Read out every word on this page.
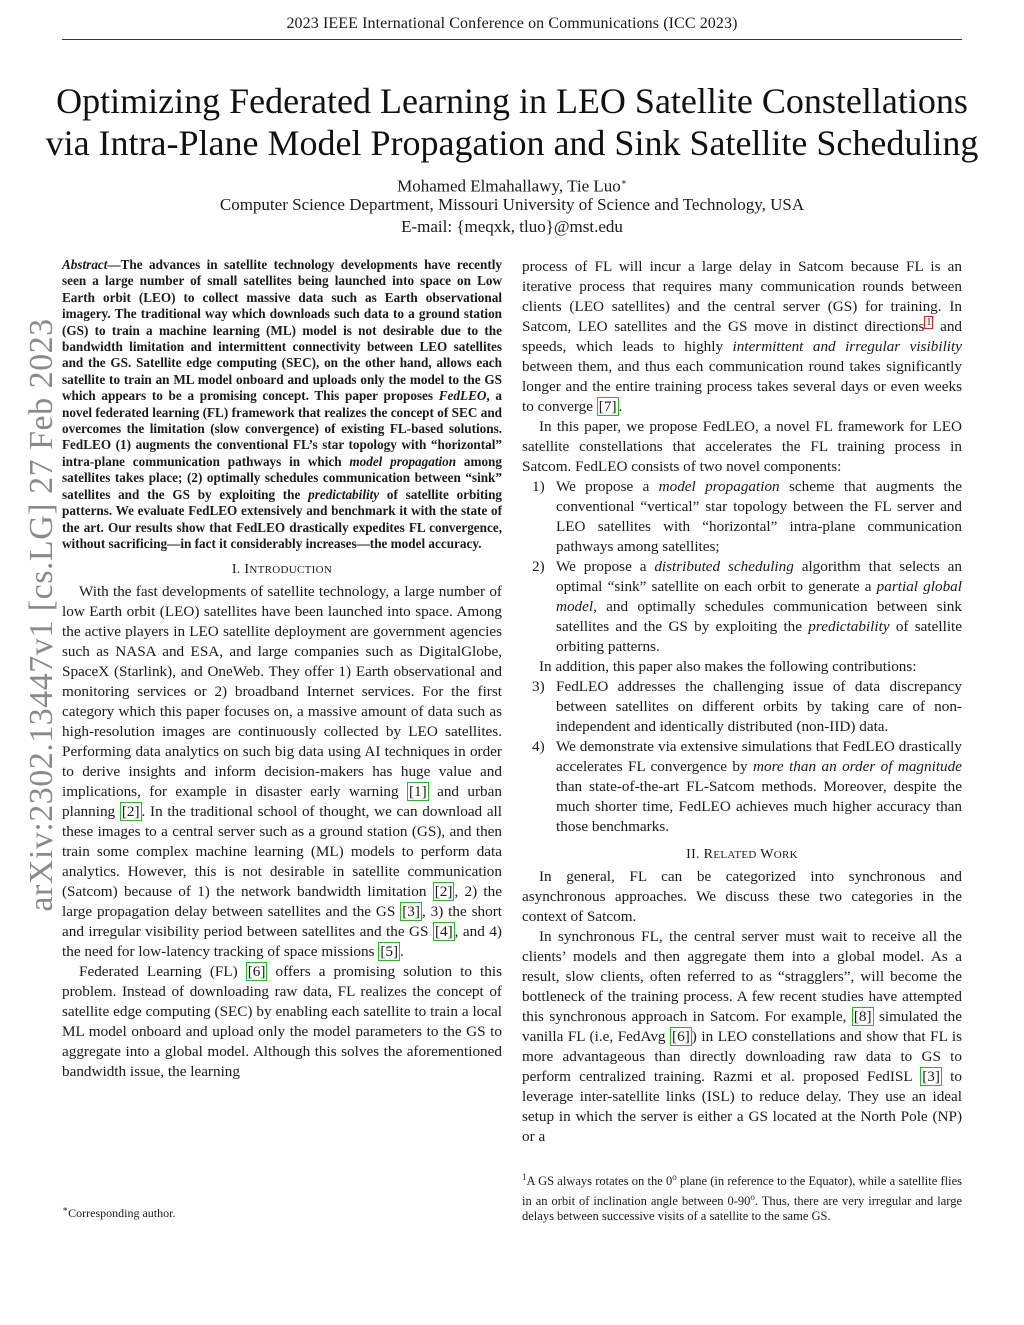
2023 IEEE International Conference on Communications (ICC 2023)
arXiv:2302.13447v1 [cs.LG] 27 Feb 2023
Optimizing Federated Learning in LEO Satellite Constellations
via Intra-Plane Model Propagation and Sink Satellite Scheduling
Mohamed Elmahallawy, Tie Luo∗
Computer Science Department, Missouri University of Science and Technology, USA
E-mail: {meqxk, tluo}@mst.edu

Abstract—The advances in satellite technology developments have recently seen a large number of small satellites being launched into space on Low Earth orbit (LEO) to collect massive data such as Earth observational imagery. The traditional way which downloads such data to a ground station (GS) to train a machine learning (ML) model is not desirable due to the bandwidth limitation and intermittent connectivity between LEO satellites and the GS. Satellite edge computing (SEC), on the other hand, allows each satellite to train an ML model onboard and uploads only the model to the GS which appears to be a promising concept. This paper proposes FedLEO, a novel federated learning (FL) framework that realizes the concept of SEC and overcomes the limitation (slow convergence) of existing FL-based solutions. FedLEO (1) augments the conventional FL’s star topology with “horizontal” intra-plane communication pathways in which model propagation among satellites takes place; (2) optimally schedules communication between “sink” satellites and the GS by exploiting the predictability of satellite orbiting patterns. We evaluate FedLEO extensively and benchmark it with the state of the art. Our results show that FedLEO drastically expedites FL convergence, without sacrificing—in fact it considerably increases—the model accuracy.

I. INTRODUCTION

With the fast developments of satellite technology, a large number of low Earth orbit (LEO) satellites have been launched into space. Among the active players in LEO satellite deployment are government agencies such as NASA and ESA, and large companies such as DigitalGlobe, SpaceX (Starlink), and OneWeb. They offer 1) Earth observational and monitoring services or 2) broadband Internet services. For the first category which this paper focuses on, a massive amount of data such as high-resolution images are continuously collected by LEO satellites. Performing data analytics on such big data using AI techniques in order to derive insights and inform decision-makers has huge value and implications, for example in disaster early warning [1] and urban planning [2] . In the traditional school of thought, we can download all these images to a central server such as a ground station (GS), and then train some complex machine learning (ML) models to perform data analytics. However, this is not desirable in satellite communication (Satcom) because of 1) the network bandwidth limitation [2] , 2) the large propagation delay between satellites and the GS [3] , 3) the short and irregular visibility period between satellites and the GS [4] , and 4) the need for low-latency tracking of space missions [5] .

Federated Learning (FL) [6] offers a promising solution to this problem. Instead of downloading raw data, FL realizes the concept of satellite edge computing (SEC) by enabling each satellite to train a local ML model onboard and upload only the model parameters to the GS to aggregate into a global model. Although this solves the aforementioned bandwidth issue, the learning

∗Corresponding author.

process of FL will incur a large delay in Satcom because FL is an iterative process that requires many communication rounds between clients (LEO satellites) and the central server (GS) for training. In Satcom, LEO satellites and the GS move in distinct directions $^1$ and speeds, which leads to highly intermittent and irregular visibility between them, and thus each communication round takes significantly longer and the entire training process takes several days or even weeks to converge [7] .

In this paper, we propose FedLEO, a novel FL framework for LEO satellite constellations that accelerates the FL training process in Satcom. FedLEO consists of two novel components:

1) We propose a model propagation scheme that augments the conventional “vertical” star topology between the FL server and LEO satellites with “horizontal” intra-plane communication pathways among satellites;
2) We propose a distributed scheduling algorithm that selects an optimal “sink” satellite on each orbit to generate a partial global model, and optimally schedules communication between sink satellites and the GS by exploiting the predictability of satellite orbiting patterns.

In addition, this paper also makes the following contributions:

3) FedLEO addresses the challenging issue of data discrepancy between satellites on different orbits by taking care of non-independent and identically distributed (non-IID) data.
4) We demonstrate via extensive simulations that FedLEO drastically accelerates FL convergence by more than an order of magnitude than state-of-the-art FL-Satcom methods. Moreover, despite the much shorter time, FedLEO achieves much higher accuracy than those benchmarks.
II. RELATED WORK

In general, FL can be categorized into synchronous and asynchronous approaches. We discuss these two categories in the context of Satcom.

In synchronous FL, the central server must wait to receive all the clients’ models and then aggregate them into a global model. As a result, slow clients, often referred to as “stragglers”, will become the bottleneck of the training process. A few recent studies have attempted this synchronous approach in Satcom. For example, [8] simulated the vanilla FL (i.e, FedAvg [6] ) in LEO constellations and show that FL is more advantageous than directly downloading raw data to GS to perform centralized training. Razmi et al. proposed FedISL [3] to leverage inter-satellite links (ISL) to reduce delay. They use an ideal setup in which the server is either a GS located at the North Pole (NP) or a

$^1$A GS always rotates on the 0$^o$ plane (in reference to the Equator), while a satellite flies in an orbit of inclination angle between 0-90$^o$. Thus, there are very irregular and large delays between successive visits of a satellite to the same GS.
